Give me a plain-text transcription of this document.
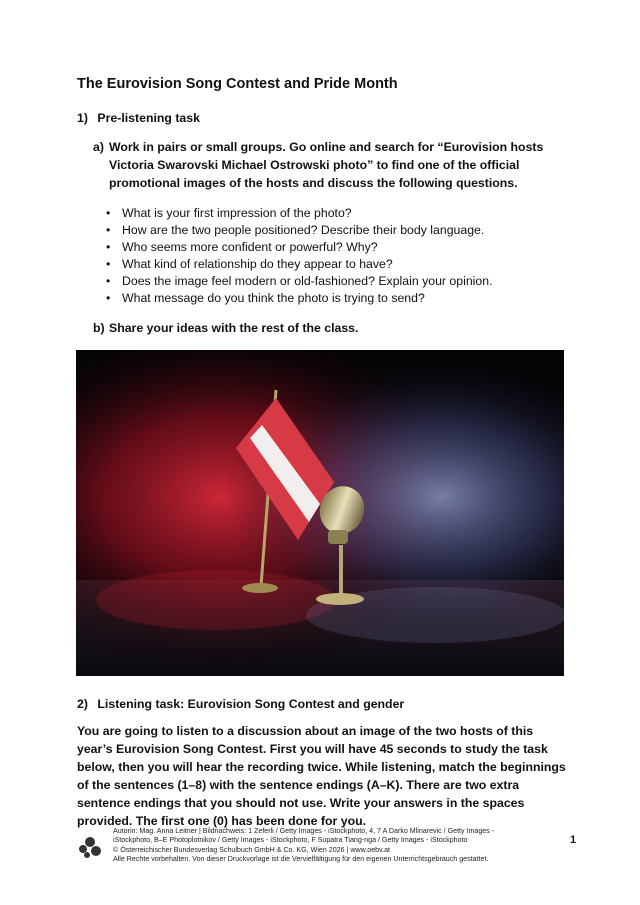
The Eurovision Song Contest and Pride Month
1) Pre-listening task
a) Work in pairs or small groups. Go online and search for “Eurovision hosts Victoria Swarovski Michael Ostrowski photo” to find one of the official promotional images of the hosts and discuss the following questions.
• What is your first impression of the photo?
• How are the two people positioned? Describe their body language.
• Who seems more confident or powerful? Why?
• What kind of relationship do they appear to have?
• Does the image feel modern or old-fashioned? Explain your opinion.
• What message do you think the photo is trying to send?
b) Share your ideas with the rest of the class.
2) Listening task: Eurovision Song Contest and gender
You are going to listen to a discussion about an image of the two hosts of this year’s Eurovision Song Contest. First you will have 45 seconds to study the task below, then you will hear the recording twice. While listening, match the beginnings of the sentences (1–8) with the sentence endings (A–K). There are two extra sentence endings that you should not use. Write your answers in the spaces provided. The first one (0) has been done for you.
Autorin: Mag. Anna Leitner | Bildnachweis: 1 Zeferli / Getty Images - iStockphoto, 4, 7 A Darko Mlinarevic / Getty Images -
iStockphoto, B–E Photoplotnikov / Getty Images - iStockphoto, F Supatra Tiang-nga / Getty Images - iStockphoto
© Österreichischer Bundesverlag Schulbuch GmbH & Co. KG, Wien 2026 | www.oebv.at
Alle Rechte vorbehalten. Von dieser Druckvorlage ist die Vervielfältigung für den eigenen Unterrichtsgebrauch gestattet.
1
